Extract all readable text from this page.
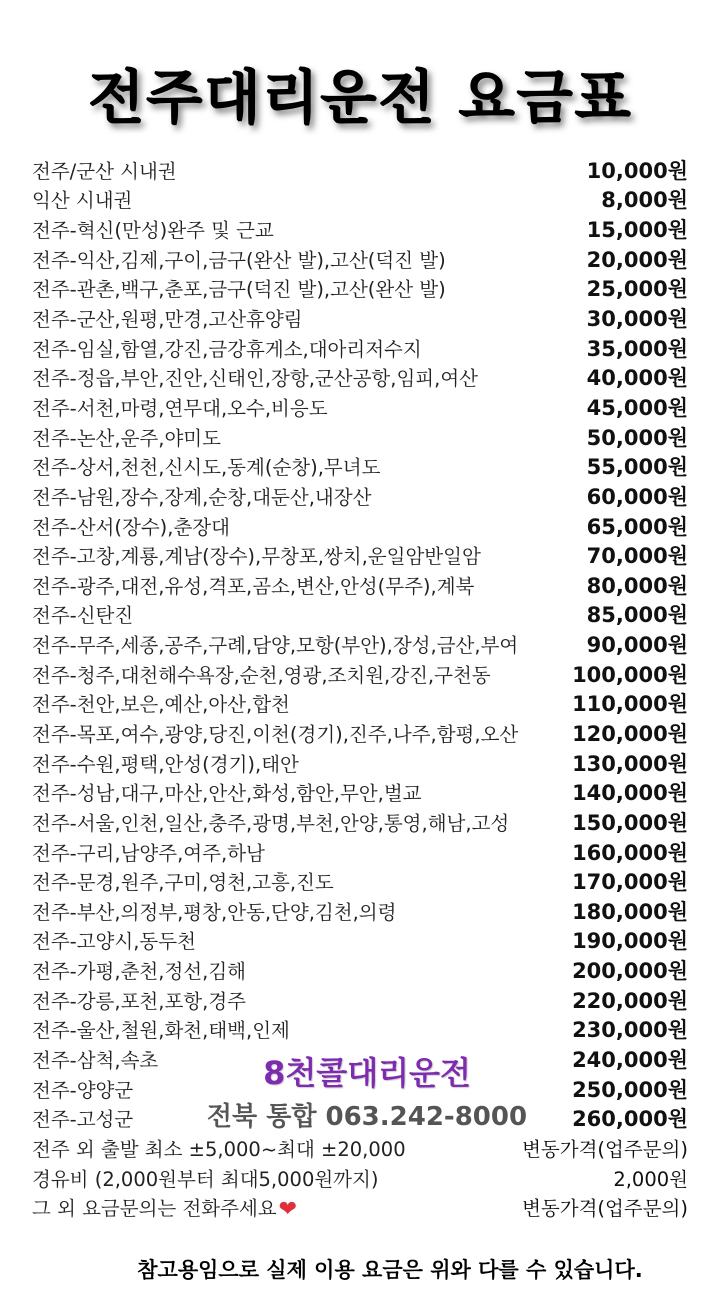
전주대리운전 요금표
전주/군산 시내권	10,000원
익산 시내권	8,000원
전주-혁신(만성)완주 및 근교	15,000원
전주-익산,김제,구이,금구(완산 발),고산(덕진 발)	20,000원
전주-관촌,백구,춘포,금구(덕진 발),고산(완산 발)	25,000원
전주-군산,원평,만경,고산휴양림	30,000원
전주-임실,함열,강진,금강휴게소,대아리저수지	35,000원
전주-정읍,부안,진안,신태인,장항,군산공항,임피,여산	40,000원
전주-서천,마령,연무대,오수,비응도	45,000원
전주-논산,운주,야미도	50,000원
전주-상서,천천,신시도,동계(순창),무녀도	55,000원
전주-남원,장수,장계,순창,대둔산,내장산	60,000원
전주-산서(장수),춘장대	65,000원
전주-고창,계룡,계남(장수),무창포,쌍치,운일암반일암	70,000원
전주-광주,대전,유성,격포,곰소,변산,안성(무주),계북	80,000원
전주-신탄진	85,000원
전주-무주,세종,공주,구례,담양,모항(부안),장성,금산,부여	90,000원
전주-청주,대천해수욕장,순천,영광,조치원,강진,구천동	100,000원
전주-천안,보은,예산,아산,합천	110,000원
전주-목포,여수,광양,당진,이천(경기),진주,나주,함평,오산	120,000원
전주-수원,평택,안성(경기),태안	130,000원
전주-성남,대구,마산,안산,화성,함안,무안,벌교	140,000원
전주-서울,인천,일산,충주,광명,부천,안양,통영,해남,고성	150,000원
전주-구리,남양주,여주,하남	160,000원
전주-문경,원주,구미,영천,고흥,진도	170,000원
전주-부산,의정부,평창,안동,단양,김천,의령	180,000원
전주-고양시,동두천	190,000원
전주-가평,춘천,정선,김해	200,000원
전주-강릉,포천,포항,경주	220,000원
전주-울산,철원,화천,태백,인제	230,000원
전주-삼척,속초	240,000원
전주-양양군	250,000원
전주-고성군	260,000원
전주 외 출발 최소 ±5,000~최대 ±20,000	변동가격(업주문의)
경유비 (2,000원부터 최대5,000원까지)	2,000원
그 외 요금문의는 전화주세요❤	변동가격(업주문의)
8천콜대리운전
전북 통합 063.242-8000
참고용임으로 실제 이용 요금은 위와 다를 수 있습니다.
